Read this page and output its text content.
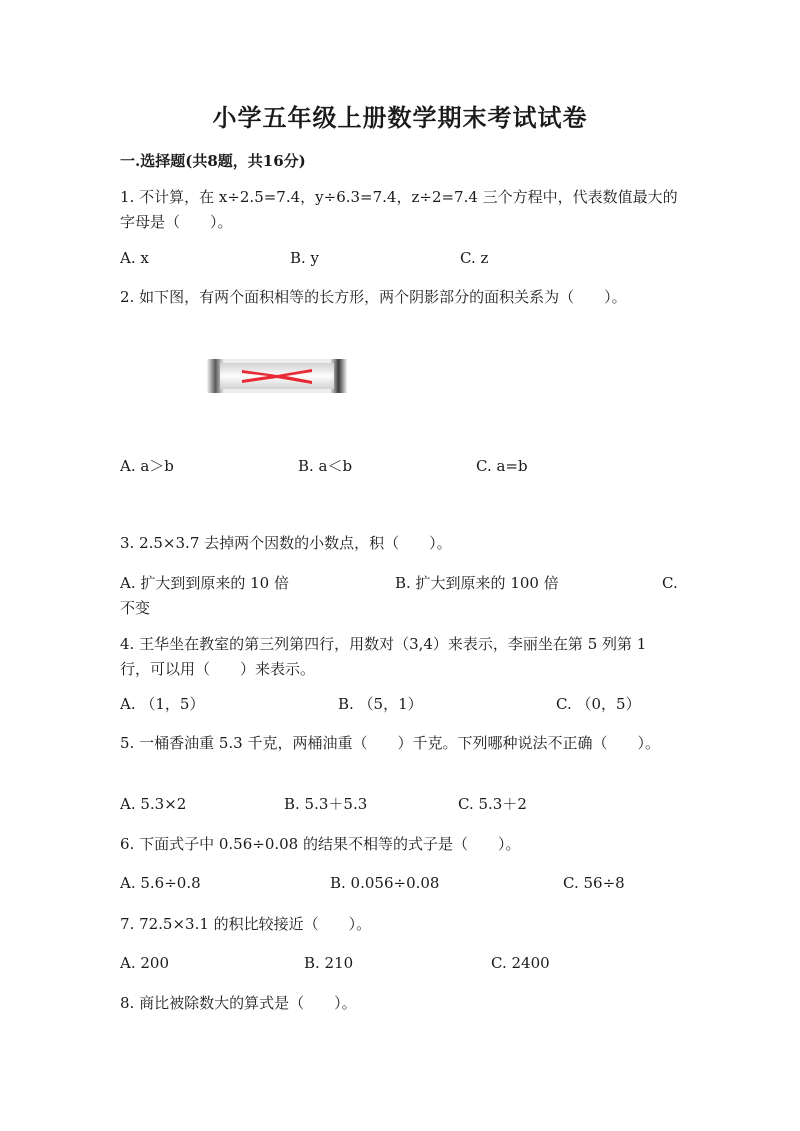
小学五年级上册数学期末考试试卷
一.选择题(共8题，共16分)
1. 不计算，在 x÷2.5=7.4，y÷6.3=7.4，z÷2=7.4 三个方程中，代表数值最大的字母是（　　）。
A. x	B. y	C. z
2. 如下图，有两个面积相等的长方形，两个阴影部分的面积关系为（　　）。
A. a＞b	B. a＜b	C. a=b
3. 2.5×3.7 去掉两个因数的小数点，积（　　）。
A. 扩大到到原来的 10 倍	B. 扩大到原来的 100 倍	C.
不变
4. 王华坐在教室的第三列第四行，用数对（3,4）来表示，李丽坐在第 5 列第 1 行，可以用（　　）来表示。
A. （1，5）	B. （5，1）	C. （0，5）
5. 一桶香油重 5.3 千克，两桶油重（　　）千克。下列哪种说法不正确（　　）。
A. 5.3×2	B. 5.3＋5.3	C. 5.3＋2
6. 下面式子中 0.56÷0.08 的结果不相等的式子是（　　）。
A. 5.6÷0.8	B. 0.056÷0.08	C. 56÷8
7. 72.5×3.1 的积比较接近（　　）。
A. 200	B. 210	C. 2400
8. 商比被除数大的算式是（　　）。
